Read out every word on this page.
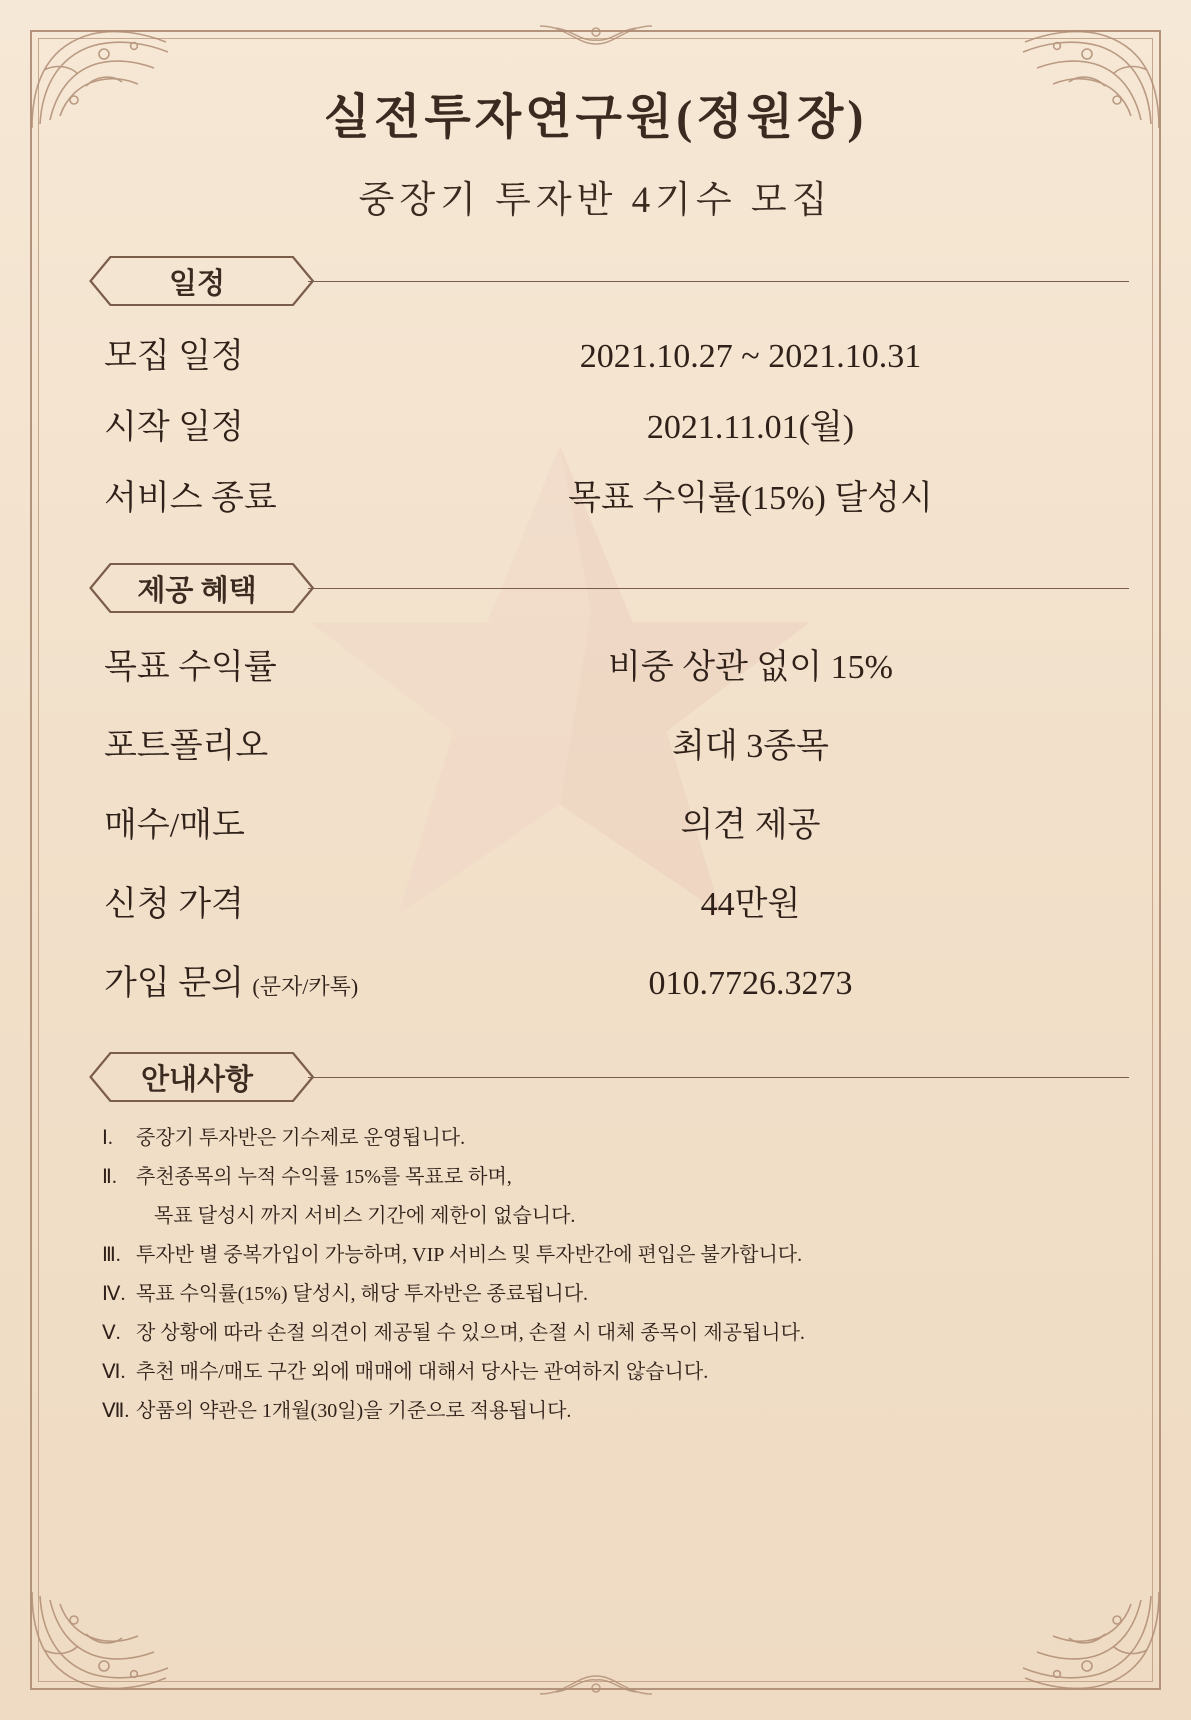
실전투자연구원(정원장)
중장기 투자반 4기수 모집
일정
모집 일정	2021.10.27 ~ 2021.10.31
시작 일정	2021.11.01(월)
서비스 종료	목표 수익률(15%) 달성시
제공 혜택
목표 수익률	비중 상관 없이 15%
포트폴리오	최대 3종목
매수/매도	의견 제공
신청 가격	44만원
가입 문의 (문자/카톡)	010.7726.3273
안내사항
Ⅰ.	중장기 투자반은 기수제로 운영됩니다.
Ⅱ. 추천종목의 누적 수익률 15%를 목표로 하며,
목표 달성시 까지 서비스 기간에 제한이 없습니다.
Ⅲ. 투자반 별 중복가입이 가능하며, VIP 서비스 및 투자반간에 편입은 불가합니다.
Ⅳ. 목표 수익률(15%) 달성시, 해당 투자반은 종료됩니다.
Ⅴ. 장 상황에 따라 손절 의견이 제공될 수 있으며, 손절 시 대체 종목이 제공됩니다.
Ⅵ. 추천 매수/매도 구간 외에 매매에 대해서 당사는 관여하지 않습니다.
Ⅶ. 상품의 약관은 1개월(30일)을 기준으로 적용됩니다.
